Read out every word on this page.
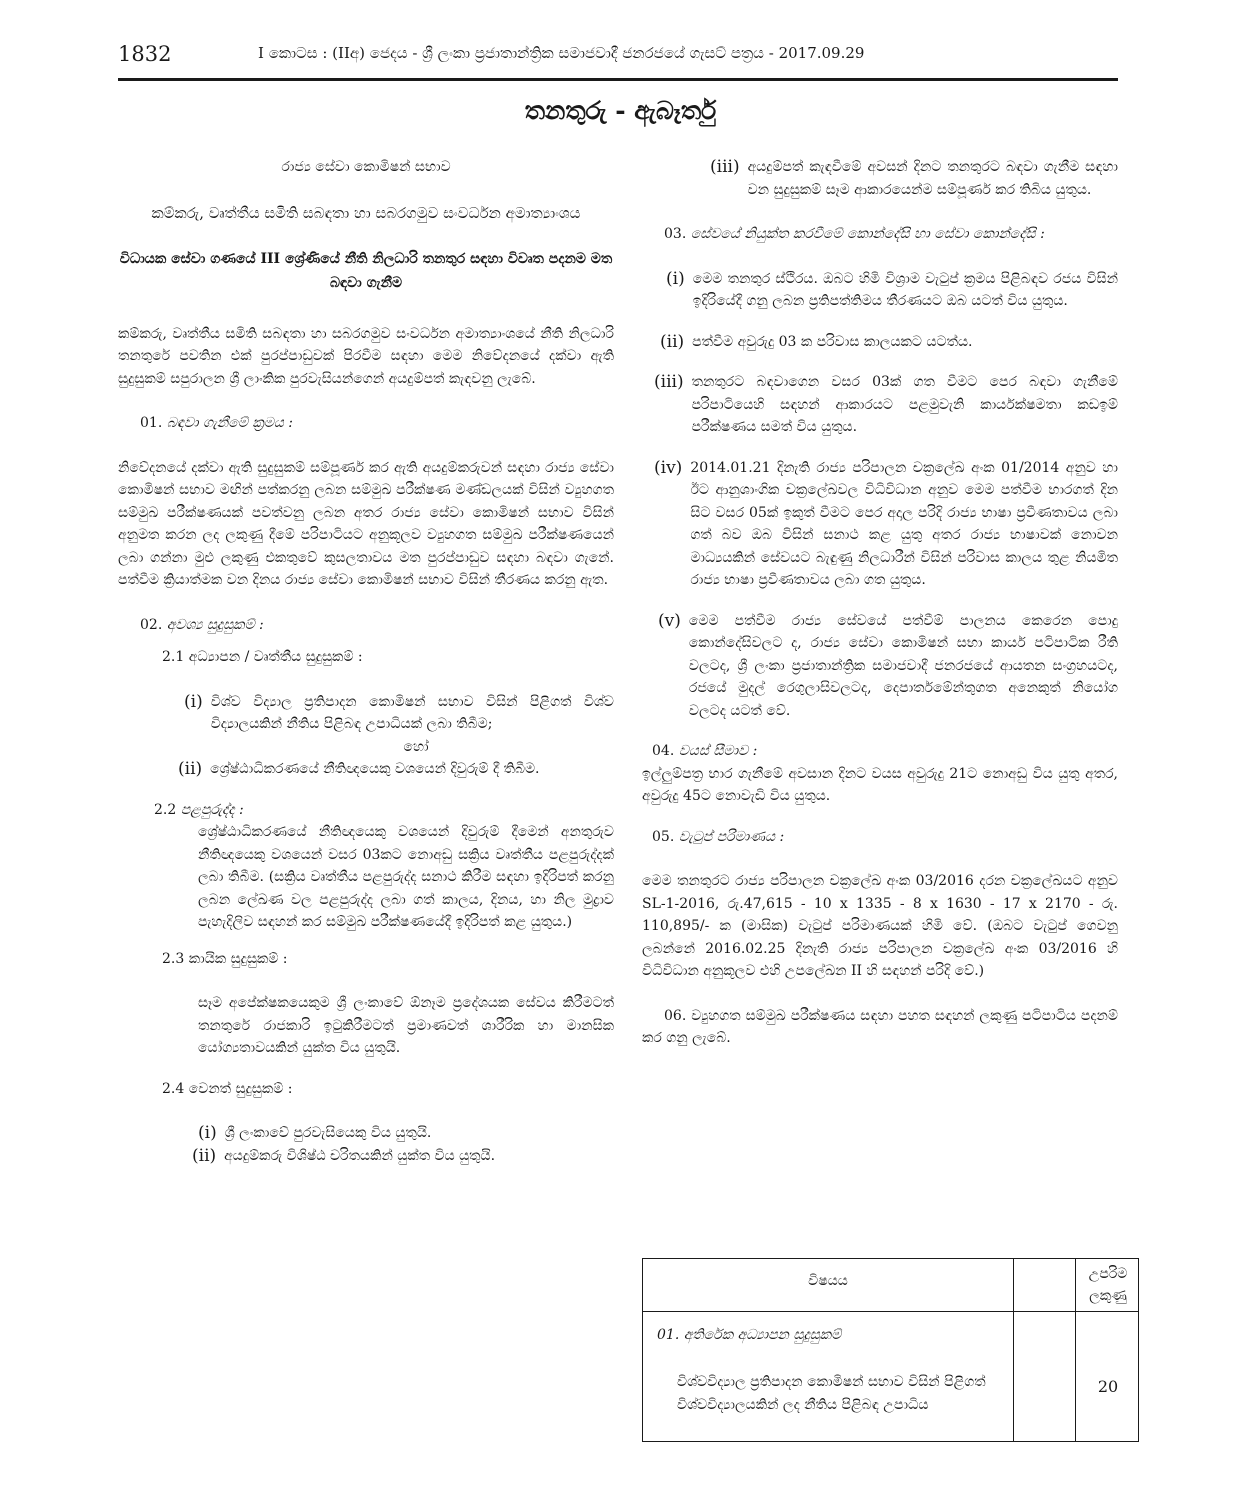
1832	I කොටස : (IIඅ) ජෙදය - ශ්‍රී ලංකා ප්‍රජාතාන්ත්‍රික සමාජවාදී ජනරජයේ ගැසට් පත්‍රය - 2017.09.29
තනතුරු - ඇබෑර්තු

රාජ්‍ය සේවා කොමිෂන් සභාව

කම්කරු, වෘත්තීය සමිති සබඳතා හා සබරගමුව සංවර්ධන අමාත්‍යාංශය

විධායක සේවා ගණයේ III ශ්‍රේණියේ නීති නිලධාරි තනතුර සඳහා විවෘත පදනම මත බඳවා ගැනීම

කම්කරු, වෘත්තීය සමිති සබඳතා හා සබරගමුව සංවර්ධන අමාත්‍යාංශයේ නීති නිලධාරි තනතුරේ පවතින එක් පුරප්පාඩුවක් පිරවීම සඳහා මෙම නිවේදනයේ දක්වා ඇති සුදුසුකම් සපුරාලන ශ්‍රී ලාංකික පුරවැසියන්ගෙන් අයදුම්පත් කැඳවනු ලැබේ.

01. බඳවා ගැනීමේ ක්‍රමය :

නිවේදනයේ දක්වා ඇති සුදුසුකම් සම්පූර්ණ කර ඇති අයදුම්කරුවන් සඳහා රාජ්‍ය සේවා කොමිෂන් සභාව මඟින් පත්කරනු ලබන සම්මුඛ පරීක්ෂණ මණ්ඩලයක් විසින් ව්‍යුහගත සම්මුඛ පරීක්ෂණයක් පවත්වනු ලබන අතර රාජ්‍ය සේවා කොමිෂන් සභාව විසින් අනුමත කරන ලද ලකුණු දීමේ පරිපාටියට අනුකූලව ව්‍යුහගත සම්මුඛ පරීක්ෂණයෙන් ලබා ගන්නා මුළු ලකුණු එකතුවේ කුසලතාවය මත පුරප්පාඩුව සඳහා බඳවා ගැනේ. පත්වීම ක්‍රියාත්මක වන දිනය රාජ්‍ය සේවා කොමිෂන් සභාව විසින් තීරණය කරනු ඇත.

02. අවශ්‍ය සුදුසුකම් :

2.1 අධ්‍යාපන / වෘත්තීය සුදුසුකම් :

(i) විශ්ව විද්‍යාල ප්‍රතිපාදන කොමිෂන් සභාව විසින් පිළිගත් විශ්ව විද්‍යාලයකින් නීතිය පිළිබඳ උපාධියක් ලබා තිබීම;

හෝ

(ii) ශ්‍රේෂ්ඨාධිකරණයේ නීතිඥයෙකු වශයෙන් දිවුරුම් දී තිබීම.

2.2 පළපුරුද්ද :

ශ්‍රේෂ්ඨාධිකරණයේ නීතිඥයෙකු වශයෙන් දිවුරුම් දීමෙන් අනතුරුව නීතිඥයෙකු වශයෙන් වසර 03කට නොඅඩු සක්‍රිය වෘත්තීය පළපුරුද්දක් ලබා තිබීම. (සක්‍රිය වෘත්තීය පළපුරුද්ද සනාථ කිරීම සඳහා ඉදිරිපත් කරනු ලබන ලේඛණ වල පළපුරුද්ද ලබා ගත් කාලය, දිනය, හා නිල මුද්‍රාව පැහැදිලිව සඳහන් කර සම්මුඛ පරීක්ෂණයේදී ඉදිරිපත් කළ යුතුය.)

2.3 කායික සුදුසුකම් :

සෑම අපේක්ෂකයෙකුම ශ්‍රී ලංකාවේ ඕනෑම ප්‍රදේශයක සේවය කිරීමටත් තනතුරේ රාජකාරි ඉටුකිරීමටත් ප්‍රමාණවත් ශාරීරික හා මානසික යෝග්‍යතාවයකින් යුක්ත විය යුතුයි.

2.4 වෙනත් සුදුසුකම් :

(i) ශ්‍රී ලංකාවේ පුරවැසියෙකු විය යුතුයි.
(ii) අයදුම්කරු විශිෂ්ඨ චරිතයකින් යුක්ත විය යුතුයි.
(iii) අයදුම්පත් කැඳවීමේ අවසන් දිනට තනතුරට බඳවා ගැනීම සඳහා වන සුදුසුකම් සෑම ආකාරයෙන්ම සම්පූර්ණ කර තිබිය යුතුය.

03. සේවයේ නියුක්ත කරවීමේ කොන්දේසි හා සේවා කොන්දේසි :

(i) මෙම තනතුර ස්ථිරය. ඔබට හිමි විශ්‍රාම වැටුප් ක්‍රමය පිළිබඳව රජය විසින් ඉදිරියේදී ගනු ලබන ප්‍රතිපත්තිමය තීරණයට ඔබ යටත් විය යුතුය.
(ii) පත්වීම අවුරුදු 03 ක පරිවාස කාලයකට යටත්ය.
(iii) තනතුරට බඳවාගෙන වසර 03ක් ගත වීමට පෙර බඳවා ගැනීමේ පරිපාටියෙහි සඳහන් ආකාරයට පළමුවැනි කාර්යක්ෂමතා කඩඉම් පරීක්ෂණය සමත් විය යුතුය.
(iv) 2014.01.21 දිනැති රාජ්‍ය පරිපාලන චක්‍රලේඛ අංක 01/2014 අනුව හා ඊට ආනුශාංගික චක්‍රලේඛවල විධිවිධාන අනුව මෙම පත්වීම භාරගත් දින සිට වසර 05ක් ඉකුත් වීමට පෙර අදාල පරිදි රාජ්‍ය භාෂා ප්‍රවීණතාවය ලබා ගත් බව ඔබ විසින් සනාථ කළ යුතු අතර රාජ්‍ය භාෂාවක් නොවන මාධ්‍යයකින් සේවයට බැඳුණු නිලධාරීන් විසින් පරිවාස කාලය තුළ නියමිත රාජ්‍ය භාෂා ප්‍රවීණතාවය ලබා ගත යුතුය.
(v) මෙම පත්වීම රාජ්‍ය සේවයේ පත්වීම් පාලනය කෙරෙන පොදු කොන්දේසිවලට ද, රාජ්‍ය සේවා කොමිෂන් සභා කාර්ය පටිපාටික රීති වලටද, ශ්‍රී ලංකා ප්‍රජාතාන්ත්‍රික සමාජවාදී ජනරජයේ ආයතන සංග්‍රහයටද, රජයේ මුදල් රෙගුලාසිවලටද, දෙපාර්තමේන්තුගත අනෙකුත් නියෝග වලටද යටත් වේ.

04. වයස් සීමාව :

ඉල්ලුම්පත්‍ර භාර ගැනීමේ අවසාන දිනට වයස අවුරුදු 21ට නොඅඩු විය යුතු අතර, අවුරුදු 45ට නොවැඩි විය යුතුය.

05. වැටුප් පරිමාණය :

මෙම තනතුරට රාජ්‍ය පරිපාලන චක්‍රලේඛ අංක 03/2016 දරන චක්‍රලේඛයට අනුව SL-1-2016, රු.47,615 - 10 x 1335 - 8 x 1630 - 17 x 2170 - රු. 110,895/- ක (මාසික) වැටුප් පරිමාණයක් හිමි වේ. (ඔබට වැටුප් ගෙවනු ලබන්නේ 2016.02.25 දිනැති රාජ්‍ය පරිපාලන චක්‍රලේඛ අංක 03/2016 හි විධිවිධාන අනුකූලව එහි උපලේඛන II හි සඳහන් පරිදි වේ.)

06. ව්‍යුහගත සම්මුඛ පරීක්ෂණය සඳහා පහත සඳහන් ලකුණු පටිපාටිය පදනම් කර ගනු ලැබේ.

විෂයය	උපරිම ලකුණු
01. අතිරේක අධ්‍යාපන සුදුසුකම්
විශ්වවිද්‍යාල ප්‍රතිපාදන කොමිෂන් සභාව විසින් පිළිගත් විශ්වවිද්‍යාලයකින් ලද නීතිය පිළිබඳ උපාධිය
20
